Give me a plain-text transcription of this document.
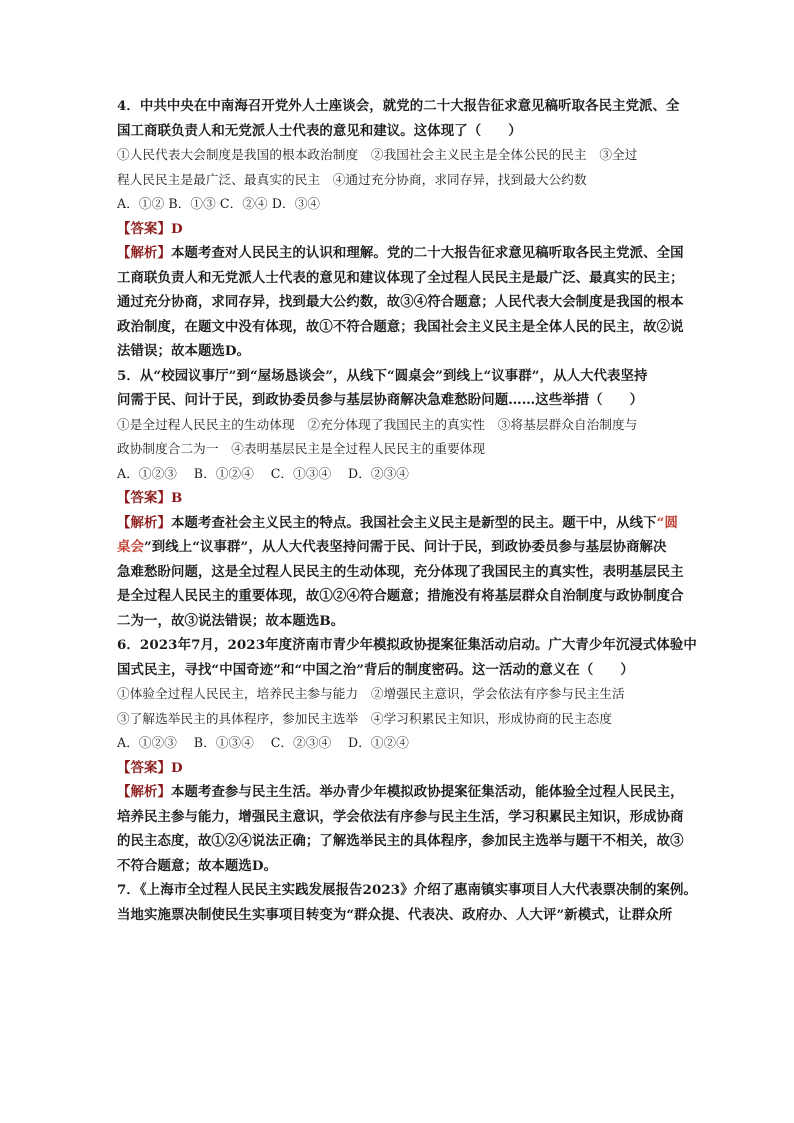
4．中共中央在中南海召开党外人士座谈会，就党的二十大报告征求意见稿听取各民主党派、全
国工商联负责人和无党派人士代表的意见和建议。这体现了（　　）
①人民代表大会制度是我国的根本政治制度　②我国社会主义民主是全体公民的民主　③全过
程人民民主是最广泛、最真实的民主　④通过充分协商，求同存异，找到最大公约数
A．①② B．①③ C．②④ D．③④
【答案】D
【解析】本题考查对人民民主的认识和理解。党的二十大报告征求意见稿听取各民主党派、全国
工商联负责人和无党派人士代表的意见和建议体现了全过程人民民主是最广泛、最真实的民主；
通过充分协商，求同存异，找到最大公约数，故③④符合题意；人民代表大会制度是我国的根本
政治制度，在题文中没有体现，故①不符合题意；我国社会主义民主是全体人民的民主，故②说
法错误；故本题选D。
5．从“校园议事厅”到“屋场恳谈会”，从线下“圆桌会”到线上“议事群”，从人大代表坚持
问需于民、问计于民，到政协委员参与基层协商解决急难愁盼问题……这些举措（　　）
①是全过程人民民主的生动体现　②充分体现了我国民主的真实性　③将基层群众自治制度与
政协制度合二为一　④表明基层民主是全过程人民民主的重要体现
A．①②③　 B．①②④　 C．①③④　 D．②③④
【答案】B
【解析】本题考查社会主义民主的特点。我国社会主义民主是新型的民主。题干中，从线下“圆
桌会”到线上“议事群”，从人大代表坚持问需于民、问计于民，到政协委员参与基层协商解决
急难愁盼问题，这是全过程人民民主的生动体现，充分体现了我国民主的真实性，表明基层民主
是全过程人民民主的重要体现，故①②④符合题意；措施没有将基层群众自治制度与政协制度合
二为一，故③说法错误；故本题选B。
6．2023年7月，2023年度济南市青少年模拟政协提案征集活动启动。广大青少年沉浸式体验中
国式民主，寻找“中国奇迹”和“中国之治”背后的制度密码。这一活动的意义在（　　）
①体验全过程人民民主，培养民主参与能力　②增强民主意识，学会依法有序参与民主生活
③了解选举民主的具体程序，参加民主选举　④学习积累民主知识，形成协商的民主态度
A．①②③　 B．①③④　 C．②③④　 D．①②④
【答案】D
【解析】本题考查参与民主生活。举办青少年模拟政协提案征集活动，能体验全过程人民民主，
培养民主参与能力，增强民主意识，学会依法有序参与民主生活，学习积累民主知识，形成协商
的民主态度，故①②④说法正确；了解选举民主的具体程序，参加民主选举与题干不相关，故③
不符合题意；故本题选D。
7．《上海市全过程人民民主实践发展报告2023》介绍了惠南镇实事项目人大代表票决制的案例。
当地实施票决制使民生实事项目转变为“群众提、代表决、政府办、人大评”新模式，让群众所
